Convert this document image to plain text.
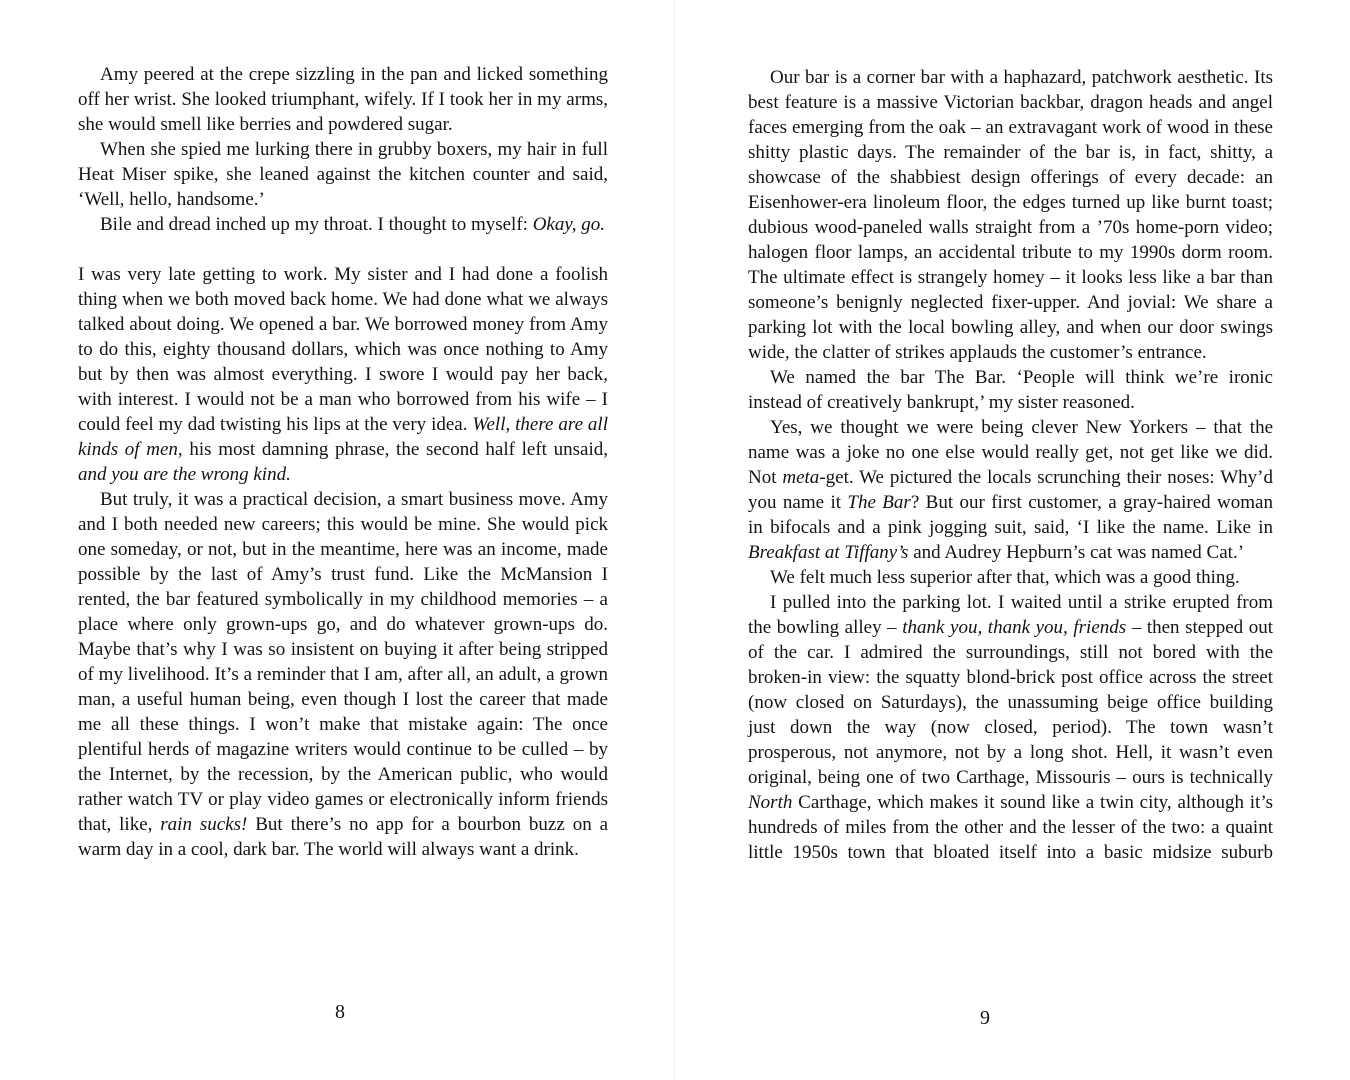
Amy peered at the crepe sizzling in the pan and licked something off her wrist. She looked triumphant, wifely. If I took her in my arms, she would smell like berries and powdered sugar.

When she spied me lurking there in grubby boxers, my hair in full Heat Miser spike, she leaned against the kitchen counter and said, ‘Well, hello, handsome.’

Bile and dread inched up my throat. I thought to myself: Okay, go.

I was very late getting to work. My sister and I had done a foolish thing when we both moved back home. We had done what we always talked about doing. We opened a bar. We borrowed money from Amy to do this, eighty thousand dollars, which was once nothing to Amy but by then was almost everything. I swore I would pay her back, with interest. I would not be a man who borrowed from his wife – I could feel my dad twisting his lips at the very idea. Well, there are all kinds of men, his most damning phrase, the second half left unsaid, and you are the wrong kind.

But truly, it was a practical decision, a smart business move. Amy and I both needed new careers; this would be mine. She would pick one someday, or not, but in the meantime, here was an income, made possible by the last of Amy’s trust fund. Like the McMansion I rented, the bar featured symbolically in my childhood memories – a place where only grown-ups go, and do whatever grown-ups do. Maybe that’s why I was so insistent on buying it after being stripped of my livelihood. It’s a reminder that I am, after all, an adult, a grown man, a useful human being, even though I lost the career that made me all these things. I won’t make that mistake again: The once plentiful herds of magazine writers would continue to be culled – by the Internet, by the recession, by the American public, who would rather watch TV or play video games or electronically inform friends that, like, rain sucks! But there’s no app for a bourbon buzz on a warm day in a cool, dark bar. The world will always want a drink.

8

Our bar is a corner bar with a haphazard, patchwork aesthetic. Its best feature is a massive Victorian backbar, dragon heads and angel faces emerging from the oak – an extravagant work of wood in these shitty plastic days. The remainder of the bar is, in fact, shitty, a showcase of the shabbiest design offerings of every decade: an Eisenhower-era linoleum floor, the edges turned up like burnt toast; dubious wood-paneled walls straight from a ’70s home-porn video; halogen floor lamps, an accidental tribute to my 1990s dorm room. The ultimate effect is strangely homey – it looks less like a bar than someone’s benignly neglected fixer-upper. And jovial: We share a parking lot with the local bowling alley, and when our door swings wide, the clatter of strikes applauds the customer’s entrance.

We named the bar The Bar. ‘People will think we’re ironic instead of creatively bankrupt,’ my sister reasoned.

Yes, we thought we were being clever New Yorkers – that the name was a joke no one else would really get, not get like we did. Not meta-get. We pictured the locals scrunching their noses: Why’d you name it The Bar? But our first customer, a gray-haired woman in bifocals and a pink jogging suit, said, ‘I like the name. Like in Breakfast at Tiffany’s and Audrey Hepburn’s cat was named Cat.’

We felt much less superior after that, which was a good thing.

I pulled into the parking lot. I waited until a strike erupted from the bowling alley – thank you, thank you, friends – then stepped out of the car. I admired the surroundings, still not bored with the broken-in view: the squatty blond-brick post office across the street (now closed on Saturdays), the unassuming beige office building just down the way (now closed, period). The town wasn’t prosperous, not anymore, not by a long shot. Hell, it wasn’t even original, being one of two Carthage, Missouris – ours is technically North Carthage, which makes it sound like a twin city, although it’s hundreds of miles from the other and the lesser of the two: a quaint little 1950s town that bloated itself into a basic midsize suburb

9
